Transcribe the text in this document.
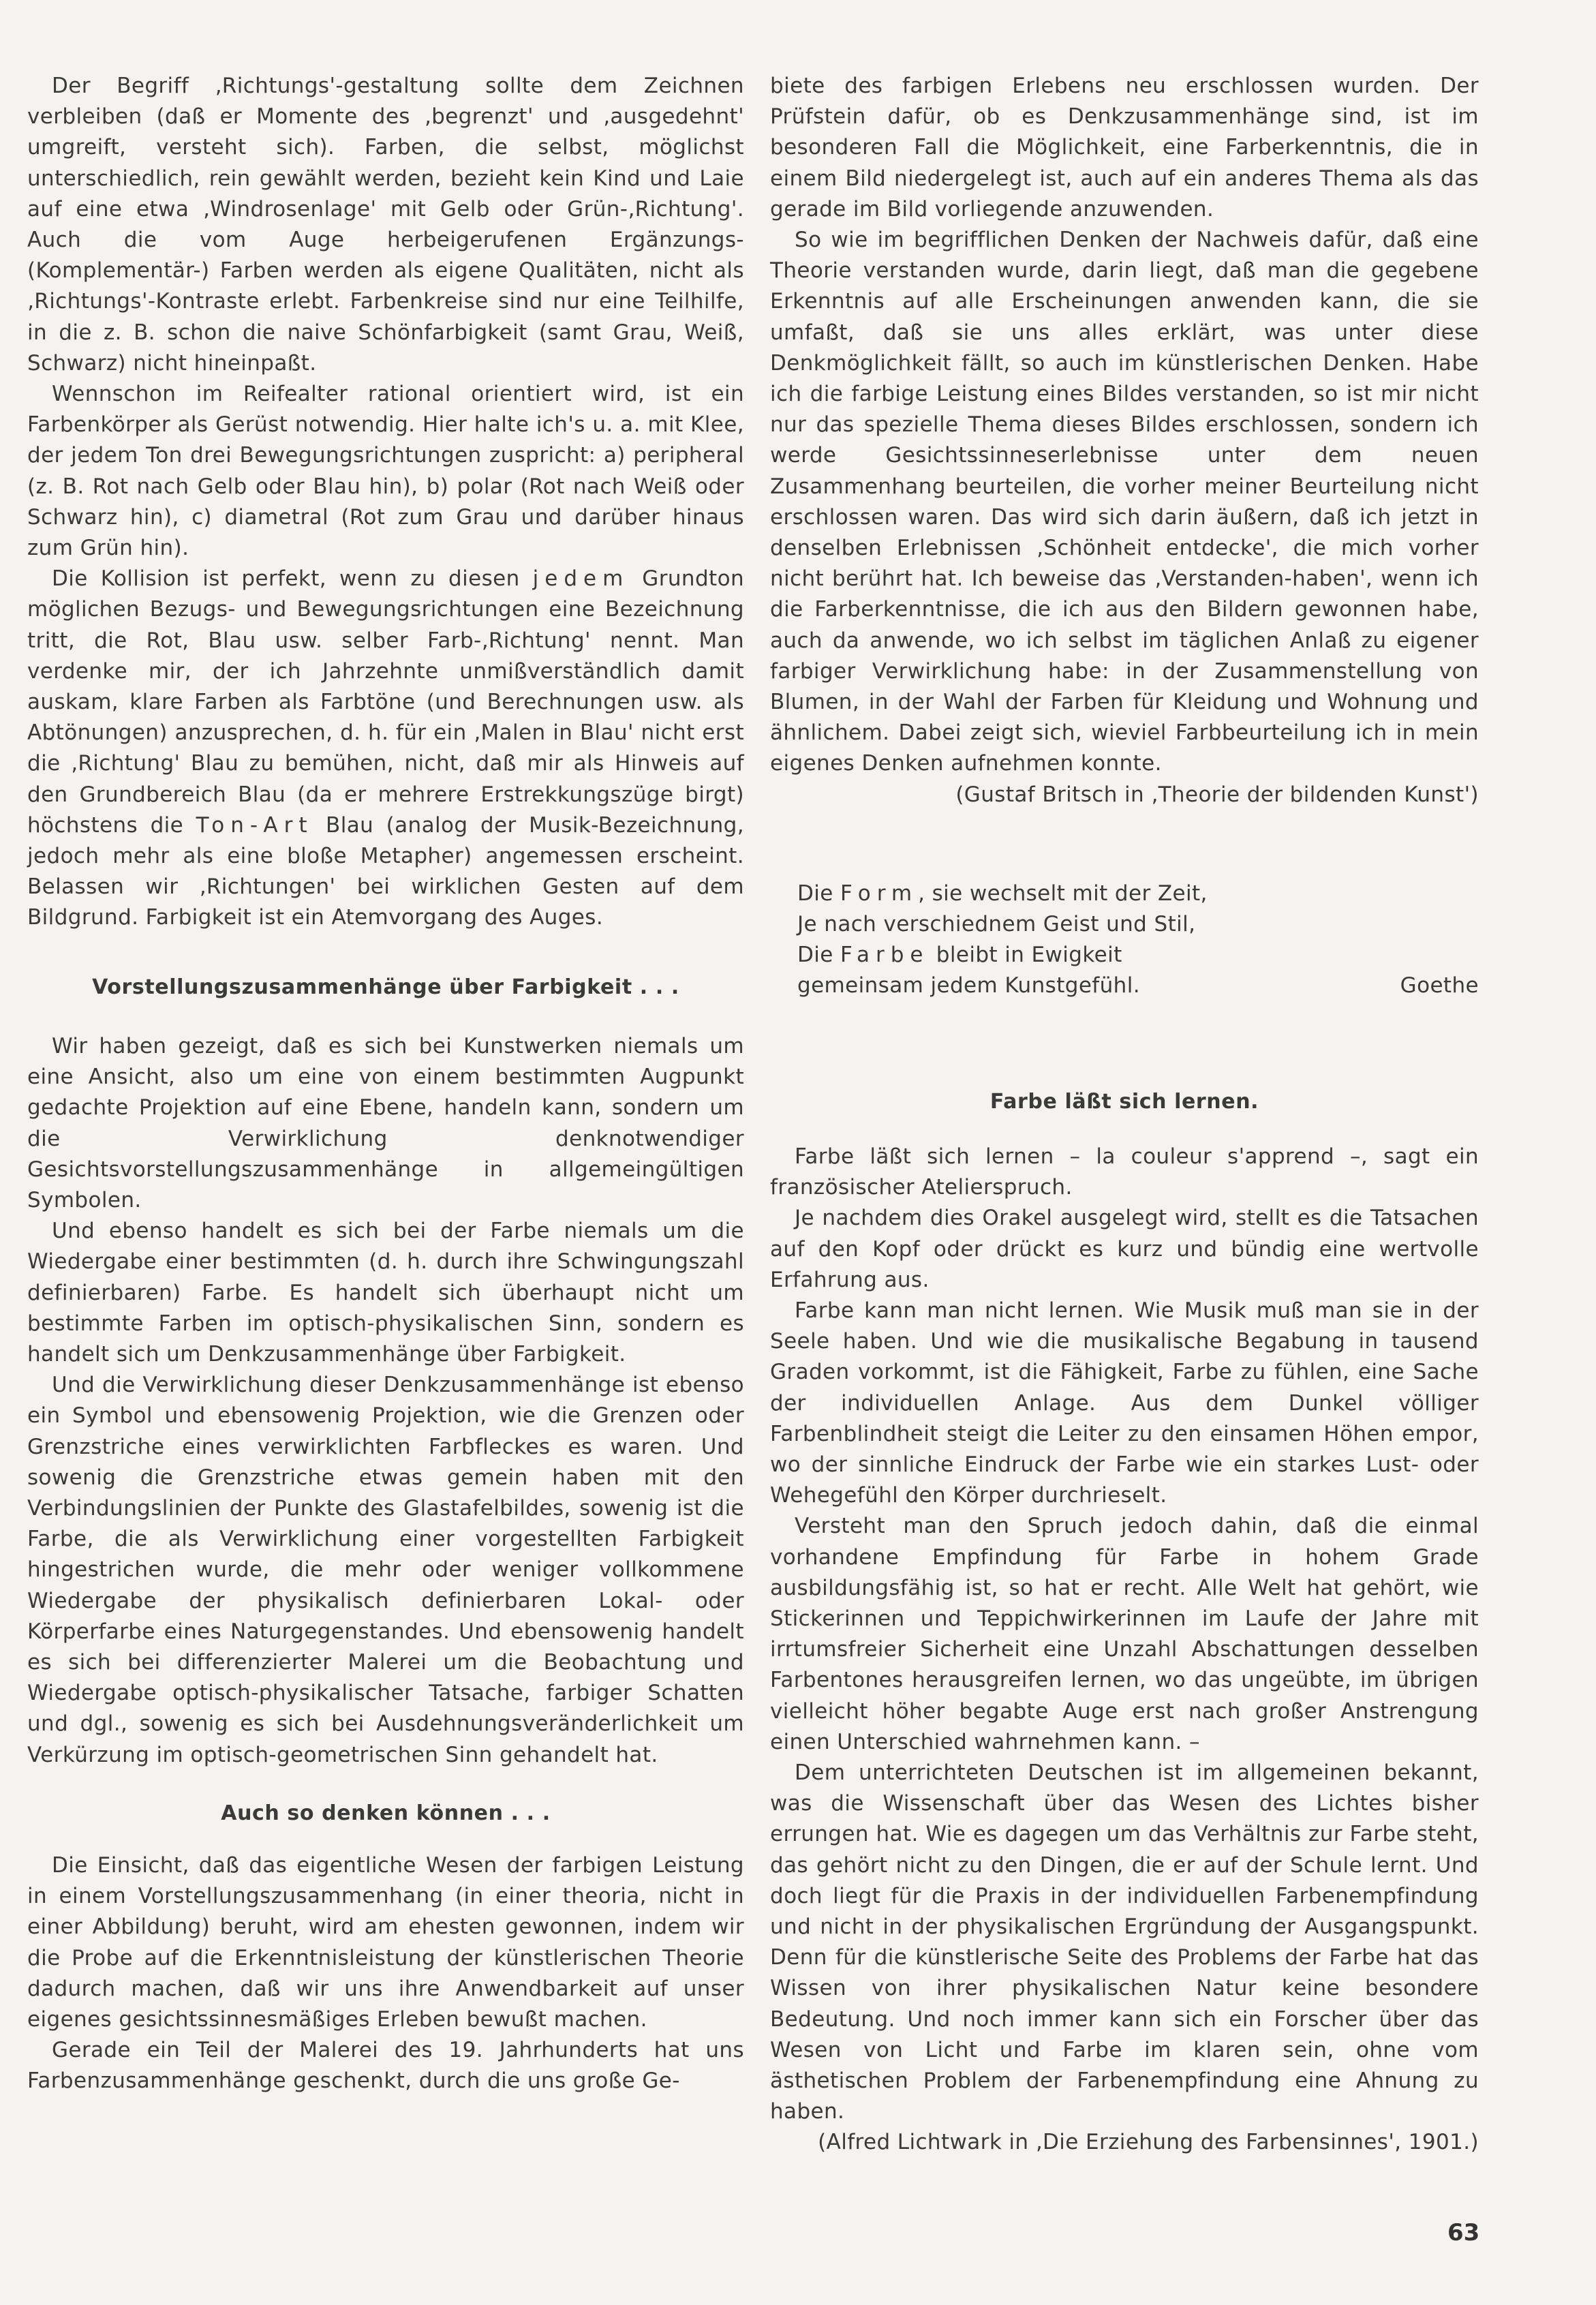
Der Begriff ‚Richtungs'-gestaltung sollte dem Zeichnen verbleiben (daß er Momente des ‚begrenzt' und ‚ausgedehnt' umgreift, versteht sich). Farben, die selbst, möglichst unterschiedlich, rein gewählt werden, bezieht kein Kind und Laie auf eine etwa ‚Windrosenlage' mit Gelb oder Grün-‚Richtung'. Auch die vom Auge herbeigerufenen Ergänzungs- (Komplementär-) Farben werden als eigene Qualitäten, nicht als ‚Richtungs'-Kontraste erlebt. Farbenkreise sind nur eine Teilhilfe, in die z. B. schon die naive Schönfarbigkeit (samt Grau, Weiß, Schwarz) nicht hineinpaßt.

Wennschon im Reifealter rational orientiert wird, ist ein Farbenkörper als Gerüst notwendig. Hier halte ich's u. a. mit Klee, der jedem Ton drei Bewegungsrichtungen zuspricht: a) peripheral (z. B. Rot nach Gelb oder Blau hin), b) polar (Rot nach Weiß oder Schwarz hin), c) diametral (Rot zum Grau und darüber hinaus zum Grün hin).

Die Kollision ist perfekt, wenn zu diesen jedem Grundton möglichen Bezugs- und Bewegungsrichtungen eine Bezeichnung tritt, die Rot, Blau usw. selber Farb-‚Richtung' nennt. Man verdenke mir, der ich Jahrzehnte unmißverständlich damit auskam, klare Farben als Farbtöne (und Berechnungen usw. als Abtönungen) anzusprechen, d. h. für ein ‚Malen in Blau' nicht erst die ‚Richtung' Blau zu bemühen, nicht, daß mir als Hinweis auf den Grundbereich Blau (da er mehrere Erstrekkungszüge birgt) höchstens die Ton-Art Blau (analog der Musik-Bezeichnung, jedoch mehr als eine bloße Metapher) angemessen erscheint. Belassen wir ‚Richtungen' bei wirklichen Gesten auf dem Bildgrund. Farbigkeit ist ein Atemvorgang des Auges.

Vorstellungszusammenhänge über Farbigkeit . . .

Wir haben gezeigt, daß es sich bei Kunstwerken niemals um eine Ansicht, also um eine von einem bestimmten Augpunkt gedachte Projektion auf eine Ebene, handeln kann, sondern um die Verwirklichung denknotwendiger Gesichtsvorstellungszusammenhänge in allgemeingültigen Symbolen.

Und ebenso handelt es sich bei der Farbe niemals um die Wiedergabe einer bestimmten (d. h. durch ihre Schwingungszahl definierbaren) Farbe. Es handelt sich überhaupt nicht um bestimmte Farben im optisch-physikalischen Sinn, sondern es handelt sich um Denkzusammenhänge über Farbigkeit.

Und die Verwirklichung dieser Denkzusammenhänge ist ebenso ein Symbol und ebensowenig Projektion, wie die Grenzen oder Grenzstriche eines verwirklichten Farbfleckes es waren. Und sowenig die Grenzstriche etwas gemein haben mit den Verbindungslinien der Punkte des Glastafelbildes, sowenig ist die Farbe, die als Verwirklichung einer vorgestellten Farbigkeit hingestrichen wurde, die mehr oder weniger vollkommene Wiedergabe der physikalisch definierbaren Lokal- oder Körperfarbe eines Naturgegenstandes. Und ebensowenig handelt es sich bei differenzierter Malerei um die Beobachtung und Wiedergabe optisch-physikalischer Tatsache, farbiger Schatten und dgl., sowenig es sich bei Ausdehnungsveränderlichkeit um Verkürzung im optisch-geometrischen Sinn gehandelt hat.

Auch so denken können . . .

Die Einsicht, daß das eigentliche Wesen der farbigen Leistung in einem Vorstellungszusammenhang (in einer theoria, nicht in einer Abbildung) beruht, wird am ehesten gewonnen, indem wir die Probe auf die Erkenntnisleistung der künstlerischen Theorie dadurch machen, daß wir uns ihre Anwendbarkeit auf unser eigenes gesichtssinnesmäßiges Erleben bewußt machen.

Gerade ein Teil der Malerei des 19. Jahrhunderts hat uns Farbenzusammenhänge geschenkt, durch die uns große Ge-

biete des farbigen Erlebens neu erschlossen wurden. Der Prüfstein dafür, ob es Denkzusammenhänge sind, ist im besonderen Fall die Möglichkeit, eine Farberkenntnis, die in einem Bild niedergelegt ist, auch auf ein anderes Thema als das gerade im Bild vorliegende anzuwenden.

So wie im begrifflichen Denken der Nachweis dafür, daß eine Theorie verstanden wurde, darin liegt, daß man die gegebene Erkenntnis auf alle Erscheinungen anwenden kann, die sie umfaßt, daß sie uns alles erklärt, was unter diese Denkmöglichkeit fällt, so auch im künstlerischen Denken. Habe ich die farbige Leistung eines Bildes verstanden, so ist mir nicht nur das spezielle Thema dieses Bildes erschlossen, sondern ich werde Gesichtssinneserlebnisse unter dem neuen Zusammenhang beurteilen, die vorher meiner Beurteilung nicht erschlossen waren. Das wird sich darin äußern, daß ich jetzt in denselben Erlebnissen ‚Schönheit entdecke', die mich vorher nicht berührt hat. Ich beweise das ‚Verstanden-haben', wenn ich die Farberkenntnisse, die ich aus den Bildern gewonnen habe, auch da anwende, wo ich selbst im täglichen Anlaß zu eigener farbiger Verwirklichung habe: in der Zusammenstellung von Blumen, in der Wahl der Farben für Kleidung und Wohnung und ähnlichem. Dabei zeigt sich, wieviel Farbbeurteilung ich in mein eigenes Denken aufnehmen konnte.

(Gustaf Britsch in ‚Theorie der bildenden Kunst')

Die Form, sie wechselt mit der Zeit,
Je nach verschiednem Geist und Stil,
Die Farbe bleibt in Ewigkeit
gemeinsam jedem Kunstgefühl.	Goethe
Farbe läßt sich lernen.

Farbe läßt sich lernen – la couleur s'apprend –, sagt ein französischer Atelierspruch.

Je nachdem dies Orakel ausgelegt wird, stellt es die Tatsachen auf den Kopf oder drückt es kurz und bündig eine wertvolle Erfahrung aus.

Farbe kann man nicht lernen. Wie Musik muß man sie in der Seele haben. Und wie die musikalische Begabung in tausend Graden vorkommt, ist die Fähigkeit, Farbe zu fühlen, eine Sache der individuellen Anlage. Aus dem Dunkel völliger Farbenblindheit steigt die Leiter zu den einsamen Höhen empor, wo der sinnliche Eindruck der Farbe wie ein starkes Lust- oder Wehegefühl den Körper durchrieselt.

Versteht man den Spruch jedoch dahin, daß die einmal vorhandene Empfindung für Farbe in hohem Grade ausbildungsfähig ist, so hat er recht. Alle Welt hat gehört, wie Stickerinnen und Teppichwirkerinnen im Laufe der Jahre mit irrtumsfreier Sicherheit eine Unzahl Abschattungen desselben Farbentones herausgreifen lernen, wo das ungeübte, im übrigen vielleicht höher begabte Auge erst nach großer Anstrengung einen Unterschied wahrnehmen kann. –

Dem unterrichteten Deutschen ist im allgemeinen bekannt, was die Wissenschaft über das Wesen des Lichtes bisher errungen hat. Wie es dagegen um das Verhältnis zur Farbe steht, das gehört nicht zu den Dingen, die er auf der Schule lernt. Und doch liegt für die Praxis in der individuellen Farbenempfindung und nicht in der physikalischen Ergründung der Ausgangspunkt. Denn für die künstlerische Seite des Problems der Farbe hat das Wissen von ihrer physikalischen Natur keine besondere Bedeutung. Und noch immer kann sich ein Forscher über das Wesen von Licht und Farbe im klaren sein, ohne vom ästhetischen Problem der Farbenempfindung eine Ahnung zu haben.

(Alfred Lichtwark in ‚Die Erziehung des Farbensinnes', 1901.)

63
